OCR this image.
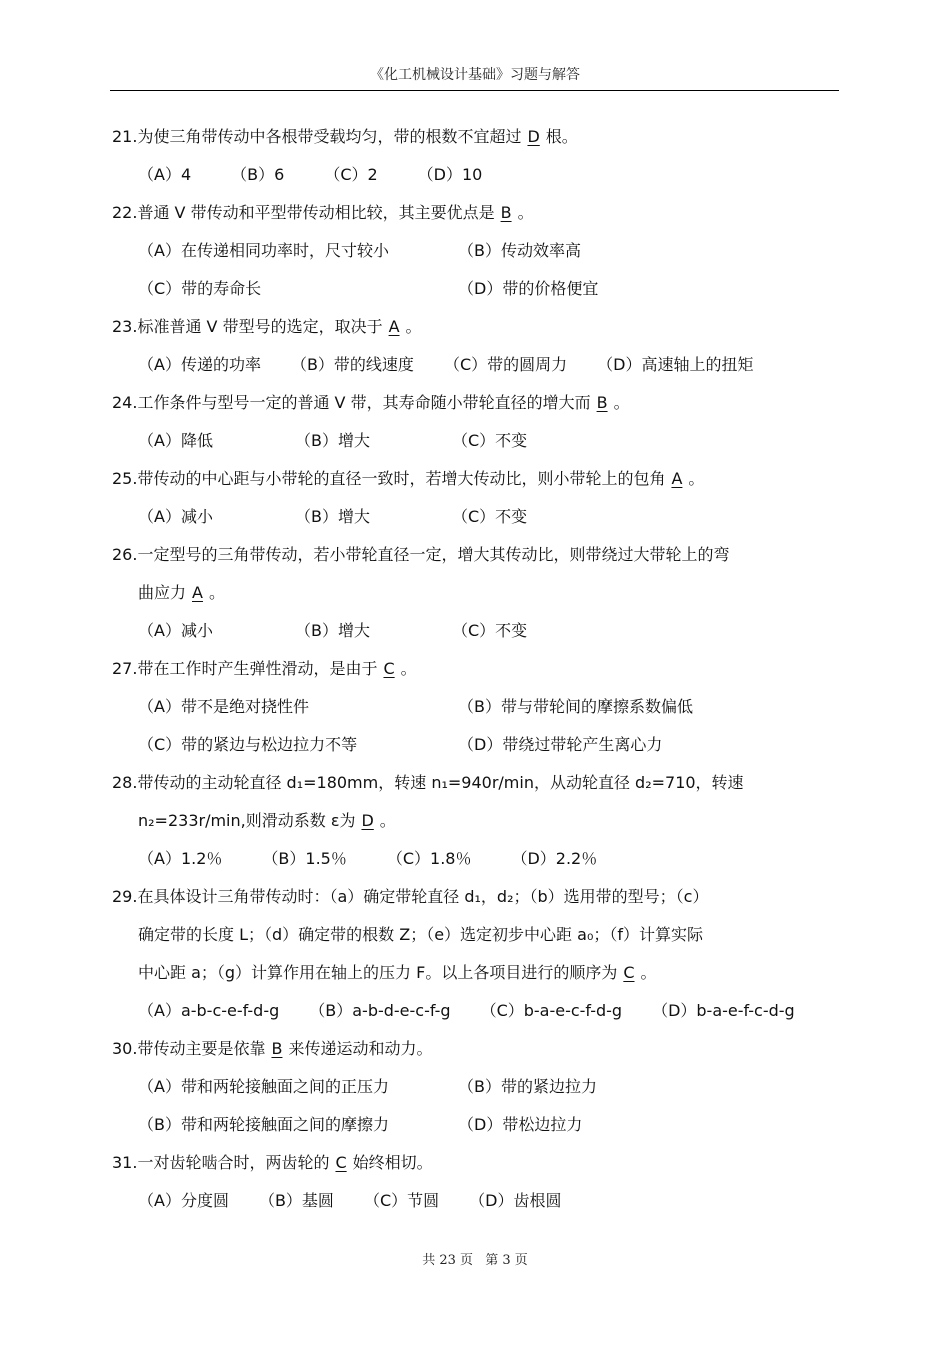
《化工机械设计基础》习题与解答
21.为使三角带传动中各根带受载均匀，带的根数不宜超过 D 根。
（A）4	（B）6	（C）2	（D）10
22.普通 V 带传动和平型带传动相比较，其主要优点是 B 。
（A）在传递相同功率时，尺寸较小	（B）传动效率高
（C）带的寿命长	（D）带的价格便宜
23.标准普通 V 带型号的选定，取决于 A 。
（A）传递的功率 （B）带的线速度 （C）带的圆周力 （D）高速轴上的扭矩
24.工作条件与型号一定的普通 V 带，其寿命随小带轮直径的增大而 B 。
（A）降低	（B）增大	（C）不变
25.带传动的中心距与小带轮的直径一致时，若增大传动比，则小带轮上的包角 A 。
（A）减小	（B）增大	（C）不变
26.一定型号的三角带传动，若小带轮直径一定，增大其传动比，则带绕过大带轮上的弯
曲应力 A 。
（A）减小	（B）增大	（C）不变
27.带在工作时产生弹性滑动，是由于 C 。
（A）带不是绝对挠性件	（B）带与带轮间的摩擦系数偏低
（C）带的紧边与松边拉力不等	（D）带绕过带轮产生离心力
28.带传动的主动轮直径 d₁=180mm，转速 n₁=940r/min，从动轮直径 d₂=710，转速
n₂=233r/min,则滑动系数 ε为 D 。
（A）1.2％	（B）1.5％	（C）1.8％	（D）2.2％
29.在具体设计三角带传动时：（a）确定带轮直径 d₁，d₂；（b）选用带的型号；（c）
确定带的长度 L；（d）确定带的根数 Z；（e）选定初步中心距 a₀；（f）计算实际
中心距 a；（g）计算作用在轴上的压力 F。以上各项目进行的顺序为 C 。
（A）a-b-c-e-f-d-g （B）a-b-d-e-c-f-g （C）b-a-e-c-f-d-g （D）b-a-e-f-c-d-g
30.带传动主要是依靠 B 来传递运动和动力。
（A）带和两轮接触面之间的正压力	（B）带的紧边拉力
（B）带和两轮接触面之间的摩擦力	（D）带松边拉力
31.一对齿轮啮合时，两齿轮的 C 始终相切。
（A）分度圆 （B）基圆 （C）节圆 （D）齿根圆
共 23 页 第 3 页
